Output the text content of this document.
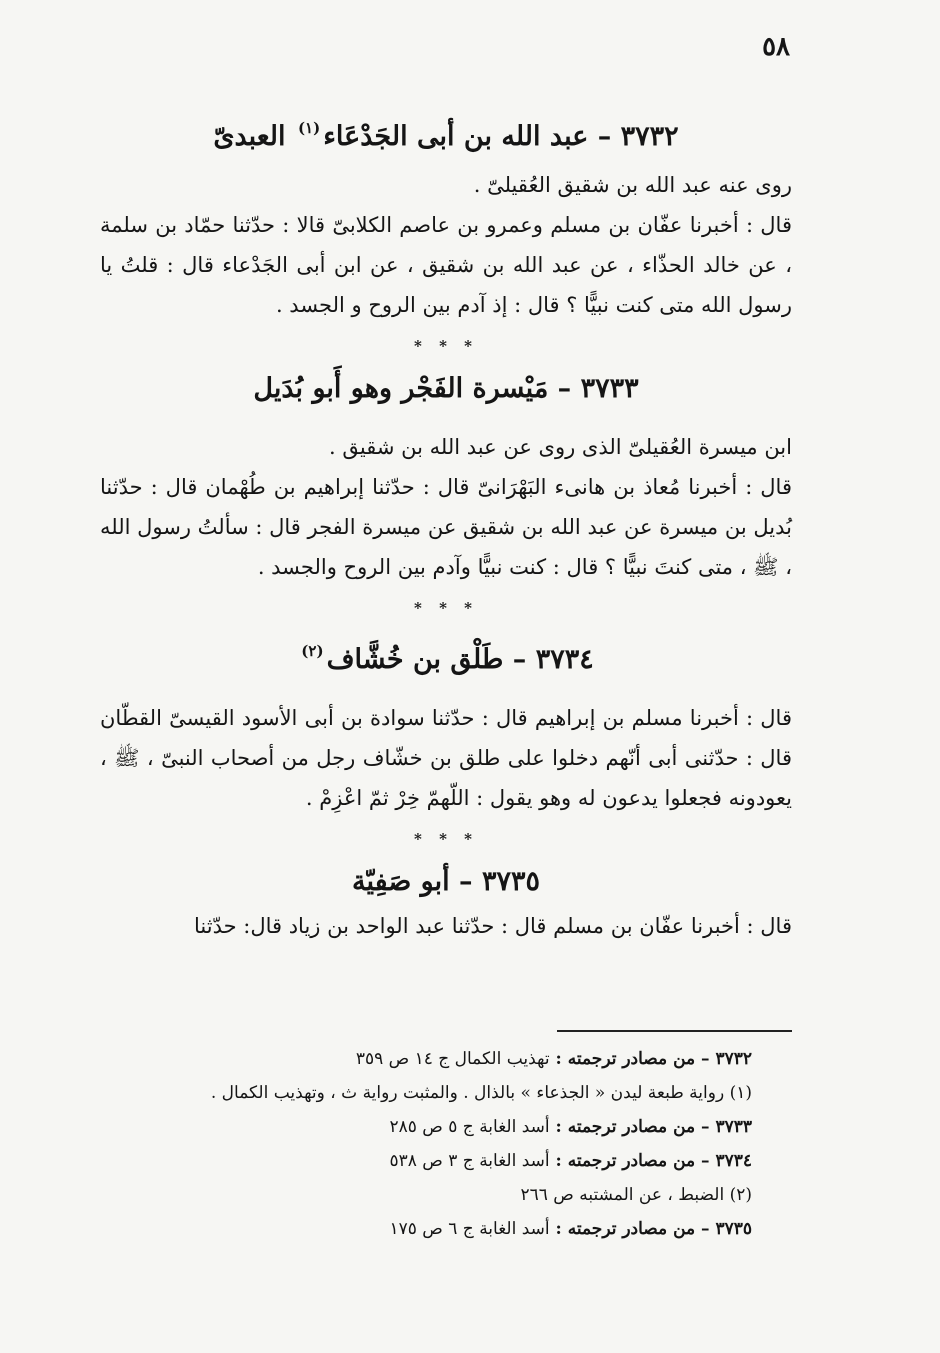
٥٨
٣٧٣٢ – عبد الله بن أبى الجَدْعَاء$^{(١)}$ العبدىّ

روى عنه عبد الله بن شقيق العُقيلىّ .

قال : أخبرنا عفّان بن مسلم وعمرو بن عاصم الكلابىّ قالا : حدّثنا حمّاد بن سلمة ، عن خالد الحذّاء ، عن عبد الله بن شقيق ، عن ابن أبى الجَدْعاء قال : قلتُ يا رسول الله متى كنت نبيًّا ؟ قال : إذ آدم بين الروح و الجسد .

* * *
٣٧٣٣ – مَيْسرة الفَجْر وهو أَبو بُدَيل

ابن ميسرة العُقيلىّ الذى روى عن عبد الله بن شقيق .

قال : أخبرنا مُعاذ بن هانىء البَهْرَانىّ قال : حدّثنا إبراهيم بن طُهْمان قال : حدّثنا بُديل بن ميسرة عن عبد الله بن شقيق عن ميسرة الفجر قال : سألتُ رسول الله ، ﷺ ، متى كنتَ نبيًّا ؟ قال : كنت نبيًّا وآدم بين الروح والجسد .

* * *
٣٧٣٤ – طَلْق بن خُشَّاف$^{(٢)}$

قال : أخبرنا مسلم بن إبراهيم قال : حدّثنا سوادة بن أبى الأسود القيسىّ القطّان قال : حدّثنى أبى أنّهم دخلوا على طلق بن خشّاف رجل من أصحاب النبىّ ، ﷺ ، يعودونه فجعلوا يدعون له وهو يقول : اللّهمّ خِرْ ثمّ اعْزِمْ .

* * *
٣٧٣٥ – أبو صَفِيّة

قال : أخبرنا عفّان بن مسلم قال : حدّثنا عبد الواحد بن زياد قال: حدّثنا

٣٧٣٢ – من مصادر ترجمته : تهذيب الكمال ج ١٤ ص ٣٥٩
(١) رواية طبعة ليدن « الجذعاء » بالذال . والمثبت رواية ث ، وتهذيب الكمال .
٣٧٣٣ – من مصادر ترجمته : أسد الغابة ج ٥ ص ٢٨٥
٣٧٣٤ – من مصادر ترجمته : أسد الغابة ج ٣ ص ٥٣٨
(٢) الضبط ، عن المشتبه ص ٢٦٦
٣٧٣٥ – من مصادر ترجمته : أسد الغابة ج ٦ ص ١٧٥
